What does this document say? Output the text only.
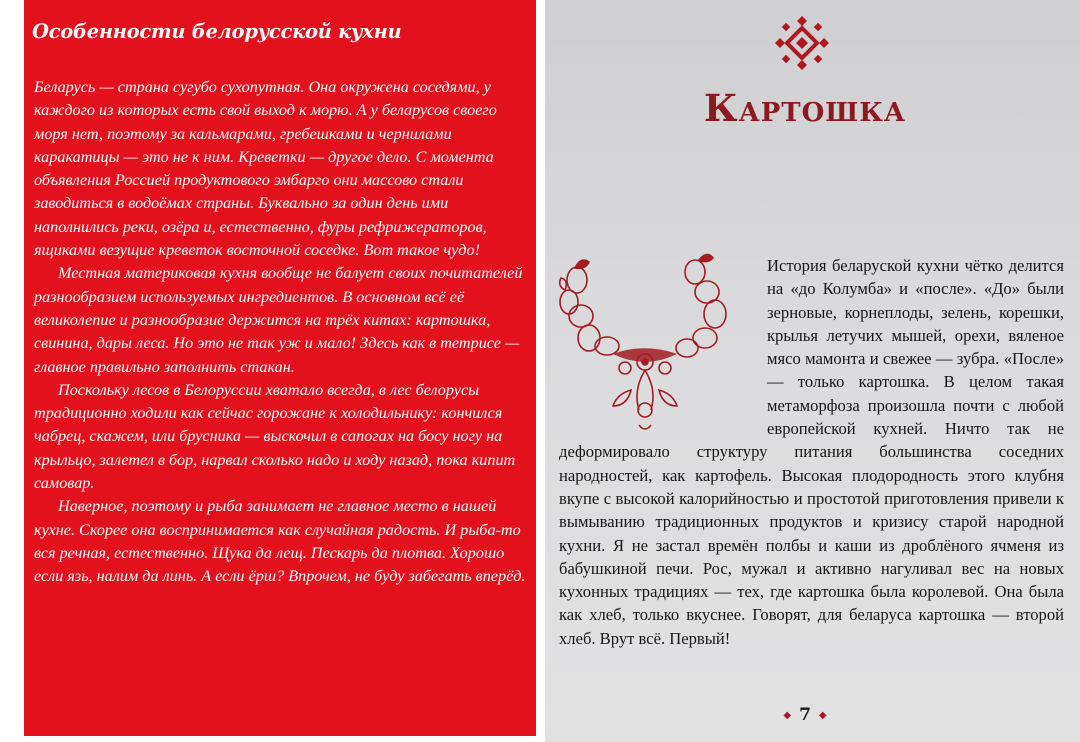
Особенности белорусской кухни

Беларусь — страна сугубо сухопутная. Она окружена соседями, у каждого из которых есть свой выход к морю. А у беларусов своего моря нет, поэтому за кальмарами, гребешками и чернилами каракатицы — это не к ним. Креветки — другое дело. С момента объявления Россией продуктового эмбарго они массово стали заводиться в водоёмах страны. Буквально за один день ими наполнились реки, озёра и, естественно, фуры рефрижераторов, ящиками везущие креветок восточной соседке. Вот такое чудо!

Местная материковая кухня вообще не балует своих почитателей разнообразием используемых ингредиентов. В основном всё её великолепие и разнообразие держится на трёх китах: картошка, свинина, дары леса. Но это не так уж и мало! Здесь как в тетрисе — главное правильно заполнить стакан.

Поскольку лесов в Белоруссии хватало всегда, в лес белорусы традиционно ходили как сейчас горожане к холодильнику: кончился чабрец, скажем, или брусника — выскочил в сапогах на босу ногу на крыльцо, залетел в бор, нарвал сколько надо и ходу назад, пока кипит самовар.

Наверное, поэтому и рыба занимает не главное место в нашей кухне. Скорее она воспринимается как случайная радость. И рыба-то вся речная, естественно. Щука да лещ. Пескарь да плотва. Хорошо если язь, налим да линь. А если ёрш? Впрочем, не буду забегать вперёд.

Картошка
История беларуской кухни чётко делится на «до Колумба» и «после». «До» были зерновые, корнеплоды, зелень, корешки, крылья летучих мышей, орехи, вяленое мясо мамонта и свежее — зубра. «После» — только картошка. В целом такая метаморфоза произошла почти с любой европейской кухней. Ничто так не деформировало структуру питания большинства соседних народностей, как картофель. Высокая плодородность этого клубня вкупе с высокой калорийностью и простотой приготовления привели к вымыванию традиционных продуктов и кризису старой народной кухни. Я не застал времён полбы и каши из дроблёного ячменя из бабушкиной печи. Рос, мужал и активно нагуливал вес на новых кухонных традициях — тех, где картошка была королевой. Она была как хлеб, только вкуснее. Говорят, для беларуса картошка — второй хлеб. Врут всё. Первый!
◆ 7 ◆
